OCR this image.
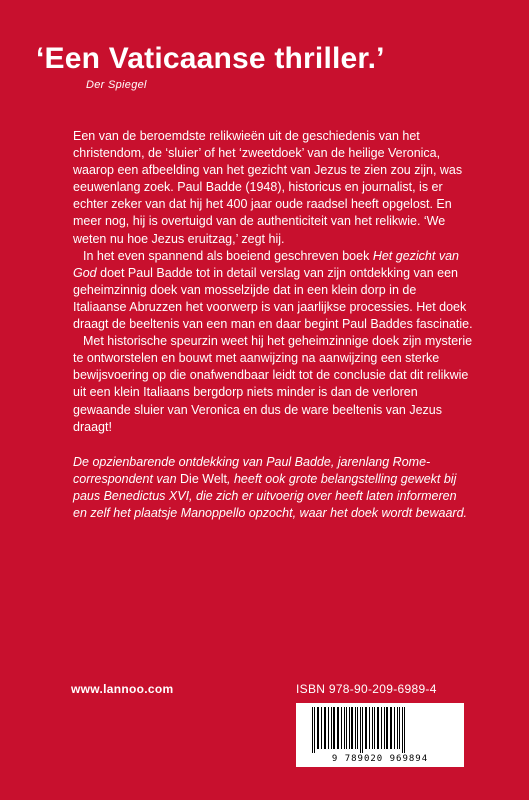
‘Een Vaticaanse thriller.’
Der Spiegel

Een van de beroemdste relikwieën uit de geschiedenis van het christendom, de ‘sluier’ of het ‘zweetdoek’ van de heilige Veronica, waarop een afbeelding van het gezicht van Jezus te zien zou zijn, was eeuwenlang zoek. Paul Badde (1948), historicus en journalist, is er echter zeker van dat hij het 400 jaar oude raadsel heeft opgelost. En meer nog, hij is overtuigd van de authenticiteit van het relikwie. ‘We weten nu hoe Jezus eruitzag,’ zegt hij.

In het even spannend als boeiend geschreven boek Het gezicht van God doet Paul Badde tot in detail verslag van zijn ontdekking van een geheimzinnig doek van mosselzijde dat in een klein dorp in de Italiaanse Abruzzen het voorwerp is van jaarlijkse processies. Het doek draagt de beeltenis van een man en daar begint Paul Baddes fascinatie.

Met historische speurzin weet hij het geheimzinnige doek zijn mysterie te ontworstelen en bouwt met aanwijzing na aanwijzing een sterke bewijsvoering op die onafwendbaar leidt tot de conclusie dat dit relikwie uit een klein Italiaans bergdorp niets minder is dan de verloren gewaande sluier van Veronica en dus de ware beeltenis van Jezus draagt!

De opzienbarende ontdekking van Paul Badde, jarenlang Rome-correspondent van Die Welt, heeft ook grote belangstelling gewekt bij paus Benedictus XVI, die zich er uitvoerig over heeft laten informeren en zelf het plaatsje Manoppello opzocht, waar het doek wordt bewaard.

www.lannoo.com	ISBN 978-90-209-6989-4
9 789020 969894
